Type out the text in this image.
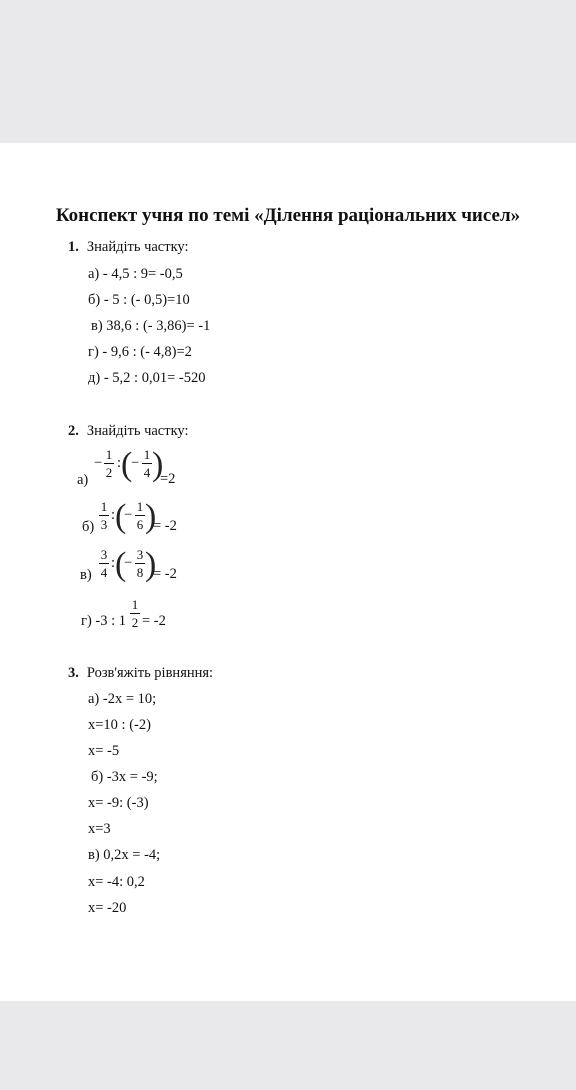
Конспект учня по темі «Ділення раціональних чисел»
1. Знайдіть частку:
а) - 4,5 : 9= -0,5
б) - 5 : (- 0,5)=10
в) 38,6 : (- 3,86)= -1
г) - 9,6 : (- 4,8)=2
д) - 5,2 : 0,01= -520
2. Знайдіть частку:
а)
−
1
2
: (
−
1
4 )
=2
б)
1
3
: (
−
1
6 )
= -2
в)
3
4
: (
−
3
8 )
= -2
г) -3 : 1
1
2 = -2
3. Розв'яжіть рівняння:
а) -2x = 10;
x=10 : (-2)
x= -5
б) -3x = -9;
x= -9: (-3)
x=3
в) 0,2x = -4;
x= -4: 0,2
x= -20
